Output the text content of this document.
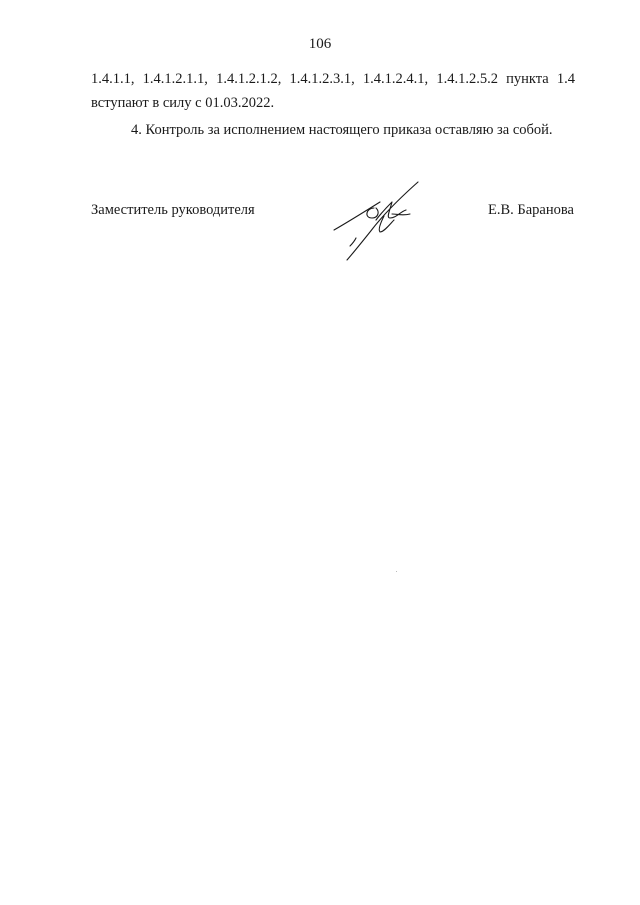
106
1.4.1.1, 1.4.1.2.1.1, 1.4.1.2.1.2, 1.4.1.2.3.1, 1.4.1.2.4.1, 1.4.1.2.5.2 пункта 1.4
вступают в силу с 01.03.2022.
4. Контроль за исполнением настоящего приказа оставляю за собой.
Заместитель руководителя	Е.В. Баранова
